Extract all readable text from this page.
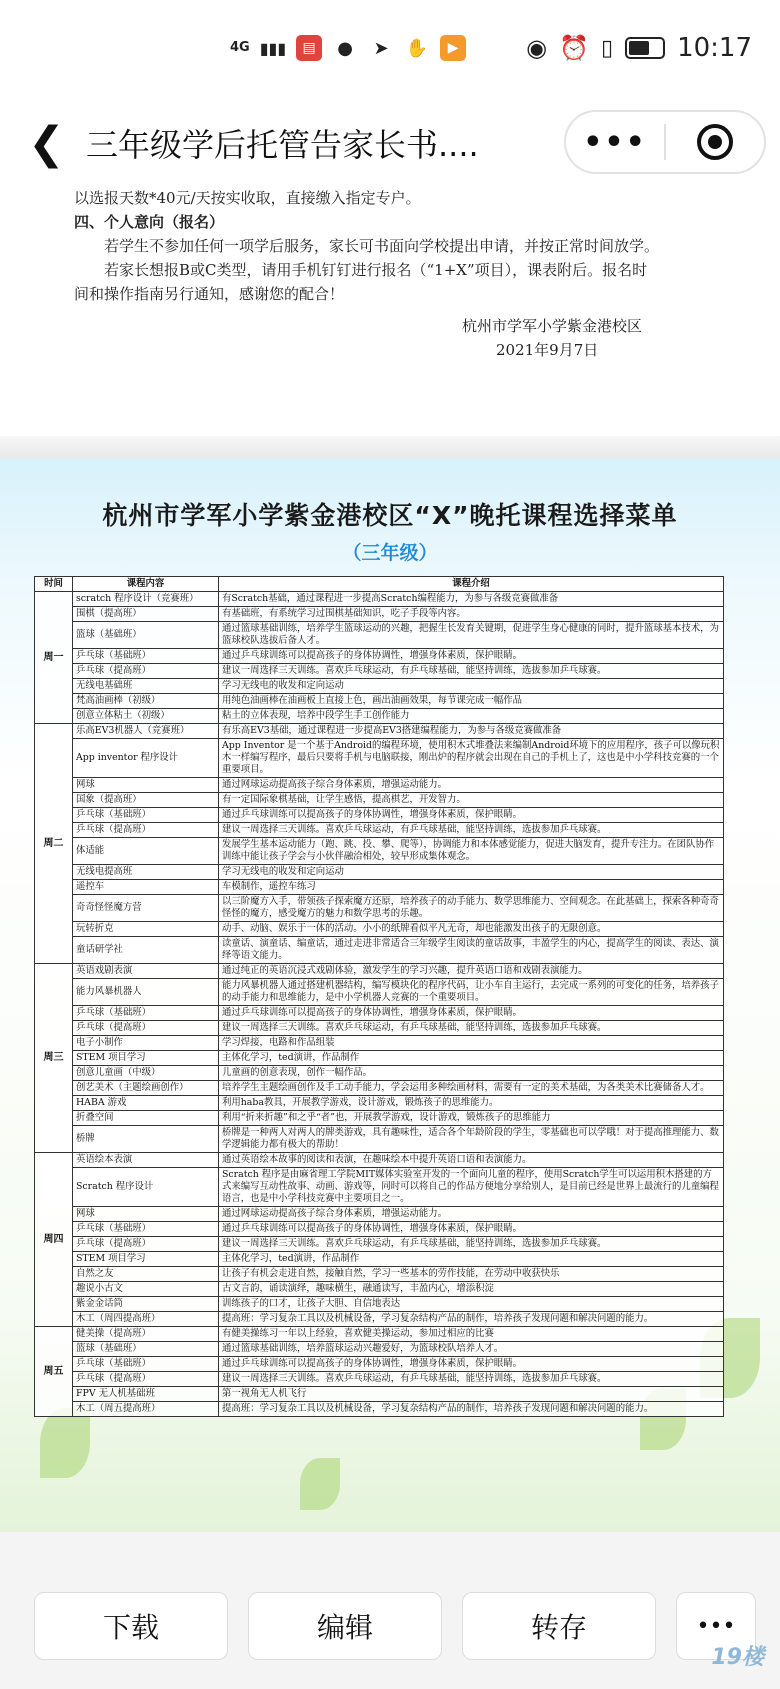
4G ▮▮▮	▤	●	➤ ✋	▶	◉ ⏰ ▯ 10:17
❮ 三年级学后托管告家长书....	•••

以选报天数*40元/天按实收取，直接缴入指定专户。

四、个人意向（报名）

若学生不参加任何一项学后服务，家长可书面向学校提出申请，并按正常时间放学。

若家长想报B或C类型，请用手机钉钉进行报名（“1+X”项目），课表附后。报名时

间和操作指南另行通知，感谢您的配合！

杭州市学军小学紫金港校区

2021年9月7日

杭州市学军小学紫金港校区“X”晚托课程选择菜单
（三年级）
时间	课程内容	课程介绍
周一	scratch 程序设计（竞赛班）	有Scratch基础，通过课程进一步提高Scratch编程能力，为参与各级竞赛做准备
	围棋（提高班）	有基础班，有系统学习过围棋基础知识，吃子手段等内容。
	篮球（基础班）	通过篮球基础训练，培养学生篮球运动的兴趣，把握生长发育关键期，促进学生身心健康的同时，提升篮球基本技术，为篮球校队选拔后备人才。
	乒乓球（基础班）	通过乒乓球训练可以提高孩子的身体协调性，增强身体素质，保护眼睛。
	乒乓球（提高班）	建议一周选择三天训练。喜欢乒乓球运动，有乒乓球基础，能坚持训练，选拔参加乒乓球赛。
	无线电基础班	学习无线电的收发和定向运动
	梵高油画棒（初级）	用纯色油画棒在油画板上直接上色，画出油画效果，每节课完成一幅作品
	创意立体粘土（初级）	粘土的立体表现，培养中段学生手工创作能力
周二	乐高EV3机器人（竞赛班）	有乐高EV3基础，通过课程进一步提高EV3搭建编程能力，为参与各级竞赛做准备
	App inventor 程序设计	App Inventor 是一个基于Android的编程环境，使用积木式堆叠法来编制Android环境下的应用程序，孩子可以像玩积木一样编写程序，最后只要将手机与电脑联接，刚出炉的程序就会出现在自己的手机上了，这也是中小学科技竞赛的一个重要项目。
	网球	通过网球运动提高孩子综合身体素质，增强运动能力。
	国象（提高班）	有一定国际象棋基础，让学生感悟，提高棋艺，开发智力。
	乒乓球（基础班）	通过乒乓球训练可以提高孩子的身体协调性，增强身体素质，保护眼睛。
	乒乓球（提高班）	建议一周选择三天训练。喜欢乒乓球运动，有乒乓球基础，能坚持训练，选拔参加乒乓球赛。
	体适能	发展学生基本运动能力（跑、跳、投、攀、爬等），协调能力和本体感觉能力，促进大脑发育，提升专注力。在团队协作训练中能让孩子学会与小伙伴融洽相处，较早形成集体观念。
	无线电提高班	学习无线电的收发和定向运动
	遥控车	车模制作，遥控车练习
	奇奇怪怪魔方营	以三阶魔方入手，带领孩子探索魔方还原，培养孩子的动手能力、数学思维能力、空间观念。在此基础上，探索各种奇奇怪怪的魔方，感受魔方的魅力和数学思考的乐趣。
	玩转折克	动手、动脑、娱乐于一体的活动。小小的纸牌看似平凡无奇，却也能激发出孩子的无限创意。
	童话研学社	读童话、演童话、编童话，通过走进非常适合三年级学生阅读的童话故事，丰盈学生的内心，提高学生的阅读、表达、演绎等语文能力。
周三	英语戏剧表演	通过纯正的英语沉浸式戏剧体验，激发学生的学习兴趣，提升英语口语和戏剧表演能力。
	能力风暴机器人	能力风暴机器人通过搭建机器结构，编写模块化的程序代码，让小车自主运行，去完成一系列的可变化的任务，培养孩子的动手能力和思维能力，是中小学机器人竞赛的一个重要项目。
	乒乓球（基础班）	通过乒乓球训练可以提高孩子的身体协调性，增强身体素质，保护眼睛。
	乒乓球（提高班）	建议一周选择三天训练。喜欢乒乓球运动，有乒乓球基础，能坚持训练，选拔参加乒乓球赛。
	电子小制作	学习焊接，电路和作品组装
	STEM 项目学习	主体化学习，ted演讲，作品制作
	创意儿童画（中级）	儿童画的创意表现，创作一幅作品。
	创艺美术（主题绘画创作）	培养学生主题绘画创作及手工动手能力，学会运用多种绘画材料，需要有一定的美术基础，为各类美术比赛储备人才。
	HABA 游戏	利用haba教具，开展教学游戏，设计游戏，锻炼孩子的思维能力。
	折叠空间	利用“折来折趣”和之乎“者”也，开展教学游戏，设计游戏，锻炼孩子的思维能力
	桥牌	桥牌是一种两人对两人的牌类游戏，具有趣味性，适合各个年龄阶段的学生，零基础也可以学哦！对于提高推理能力、数学逻辑能力都有极大的帮助！
周四	英语绘本表演	通过英语绘本故事的阅读和表演，在趣味绘本中提升英语口语和表演能力。
	Scratch 程序设计	Scratch 程序是由麻省理工学院MIT媒体实验室开发的一个面向儿童的程序，使用Scratch学生可以运用积木搭建的方式来编写互动性故事、动画、游戏等，同时可以将自己的作品方便地分享给别人，是目前已经是世界上最流行的儿童编程语言，也是中小学科技竞赛中主要项目之一。
	网球	通过网球运动提高孩子综合身体素质，增强运动能力。
	乒乓球（基础班）	通过乒乓球训练可以提高孩子的身体协调性，增强身体素质，保护眼睛。
	乒乓球（提高班）	建议一周选择三天训练。喜欢乒乓球运动，有乒乓球基础，能坚持训练，选拔参加乒乓球赛。
	STEM 项目学习	主体化学习，ted演讲，作品制作
	自然之友	让孩子有机会走进自然，接触自然，学习一些基本的劳作技能，在劳动中收获快乐
	趣说小古文	古文言韵，诵读演绎，趣味横生，融通读写，丰盈内心，增添积淀
	紫金金话筒	训练孩子的口才，让孩子大胆、自信地表达
	木工（周四提高班）	提高班：学习复杂工具以及机械设备，学习复杂结构产品的制作，培养孩子发现问题和解决问题的能力。
周五	健美操（提高班）	有健美操练习一年以上经验，喜欢健美操运动，参加过相应的比赛
	篮球（基础班）	通过篮球基础训练，培养篮球运动兴趣爱好，为篮球校队培养人才。
	乒乓球（基础班）	通过乒乓球训练可以提高孩子的身体协调性，增强身体素质，保护眼睛。
	乒乓球（提高班）	建议一周选择三天训练。喜欢乒乓球运动，有乒乓球基础，能坚持训练，选拔参加乒乓球赛。
	FPV 无人机基础班	第一视角无人机飞行
	木工（周五提高班）	提高班：学习复杂工具以及机械设备，学习复杂结构产品的制作，培养孩子发现问题和解决问题的能力。
下载	编辑	转存	•••
19楼
